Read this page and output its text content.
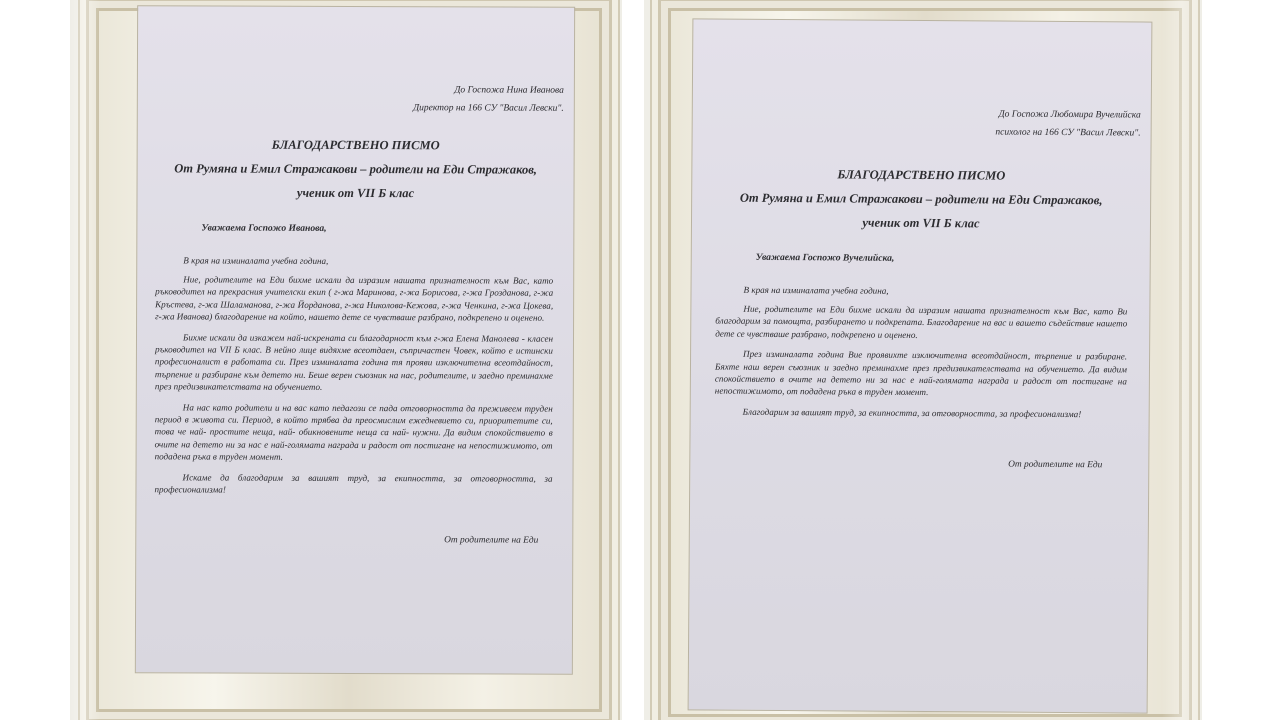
До Госпожа Нина Иванова
Директор на 166 СУ "Васил Левски".
БЛАГОДАРСТВЕНО ПИСМО
От Румяна и Емил Стражакови – родители на Еди Стражаков,
ученик от VII Б клас
Уважаема Госпожо Иванова,
В края на изминалата учебна година,

Ние, родителите на Еди бихме искали да изразим нашата признателност към Вас, като ръководител на прекрасния учителски екип ( г-жа Маринова, г-жа Борисова, г-жа Грозданова, г-жа Кръстева, г-жа Шаламанова, г-жа Йорданова, г-жа Николова-Кежова, г-жа Ченкина, г-жа Цокева, г-жа Иванова) благодарение на който, нашето дете се чувстваше разбрано, подкрепено и оценено.

Бихме искали да изкажем най-искрената си благодарност към г-жа Елена Манолева - класен ръководител на VII Б клас. В нейно лице видяхме всеотдаен, съпричастен Човек, който е истински професионалист в работата си. През изминалата година тя прояви изключителна всеотдайност, търпение и разбиране към детето ни. Беше верен съюзник на нас, родителите, и заедно преминахме през предизвикателствата на обучението.

На нас като родители и на вас като педагози се пада отговорността да преживеем труден период в живота си. Период, в който трябва да преосмислим ежедневието си, приоритетите си, това че най- простите неща, най- обикновените неща са най- нужни. Да видим спокойствието в очите на детето ни за нас е най-голямата награда и радост от постигане на непостижимото, от подадена ръка в труден момент.

Искаме да благодарим за вашият труд, за екипността, за отговорността, за професионализма!

От родителите на Еди
До Госпожа Любомира Вучелийска
психолог на 166 СУ "Васил Левски".
БЛАГОДАРСТВЕНО ПИСМО
От Румяна и Емил Стражакови – родители на Еди Стражаков,
ученик от VII Б клас
Уважаема Госпожо Вучелийска,
В края на изминалата учебна година,

Ние, родителите на Еди бихме искали да изразим нашата признателност към Вас, като Ви благодарим за помощта, разбирането и подкрепата. Благодарение на вас и вашето съдействие нашето дете се чувстваше разбрано, подкрепено и оценено.

През изминалата година Вие проявихте изключителна всеотдайност, търпение и разбиране. Бяхте наш верен съюзник и заедно преминахме през предизвикателствата на обучението. Да видим спокойствието в очите на детето ни за нас е най-голямата награда и радост от постигане на непостижимото, от подадена ръка в труден момент.

Благодарим за вашият труд, за екипността, за отговорността, за професионализма!

От родителите на Еди
